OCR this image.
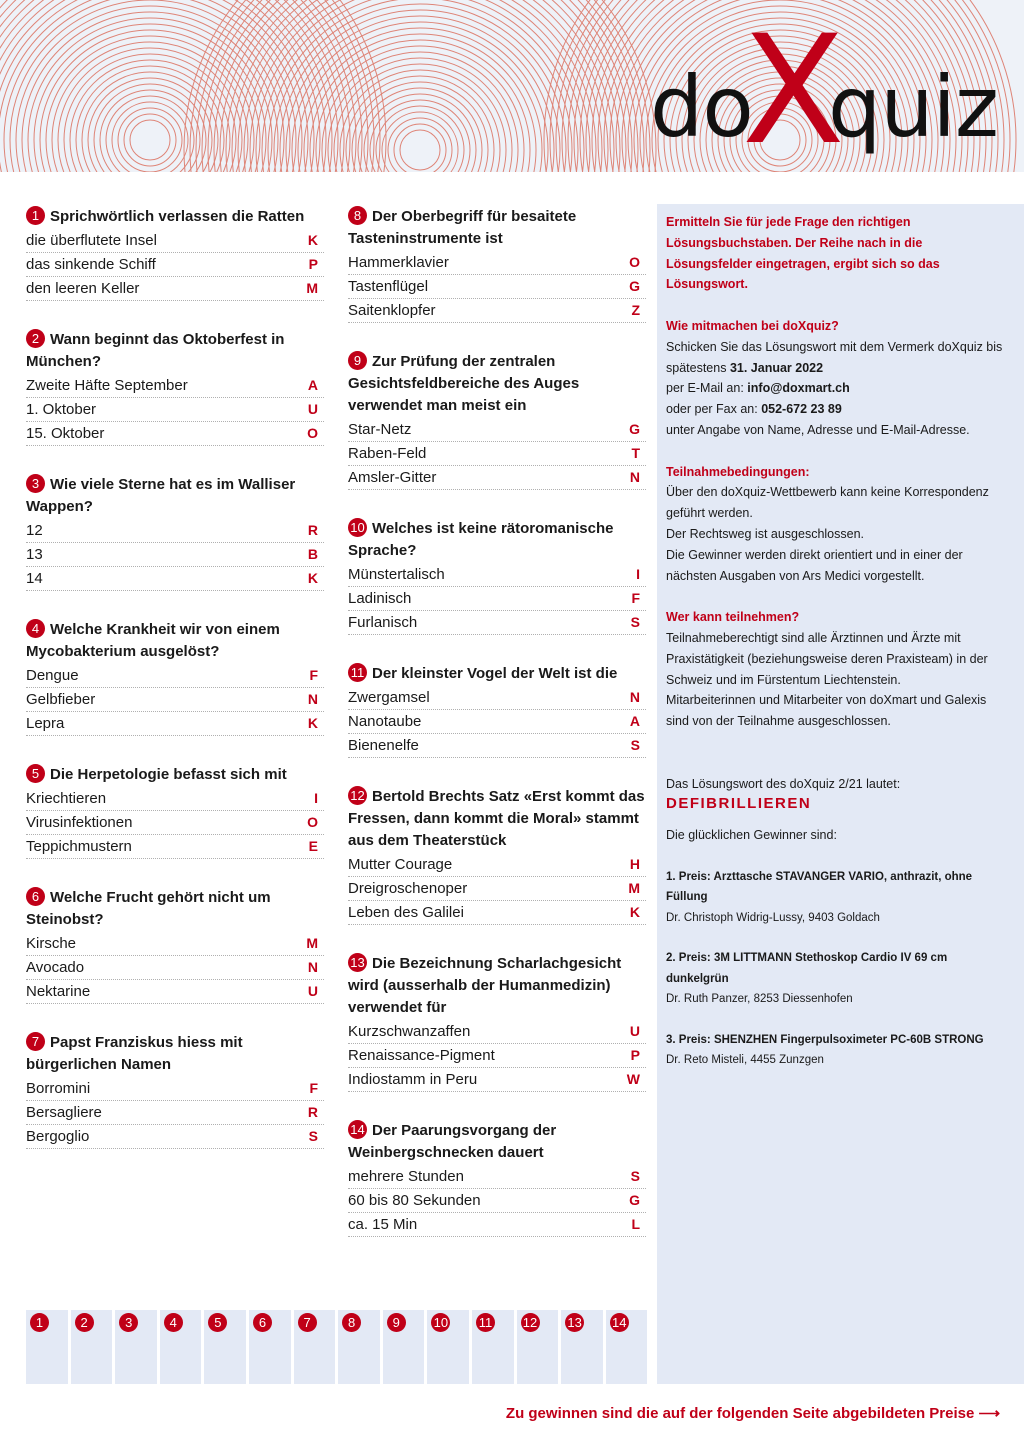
do
X
quiz
1 Sprichwörtlich verlassen die Ratten
die überflutete Insel	K
das sinkende Schiff	P
den leeren Keller	M
2 Wann beginnt das Oktoberfest in München?
Zweite Häfte September	A
1. Oktober	U
15. Oktober	O
3 Wie viele Sterne hat es im Walliser Wappen?
12	R
13	B
14	K
4 Welche Krankheit wir von einem Mycobakterium ausgelöst?
Dengue	F
Gelbfieber	N
Lepra	K
5 Die Herpetologie befasst sich mit
Kriechtieren	I
Virusinfektionen	O
Teppichmustern	E
6 Welche Frucht gehört nicht um Steinobst?
Kirsche	M
Avocado	N
Nektarine	U
7 Papst Franziskus hiess mit bürgerlichen Namen
Borromini	F
Bersagliere	R
Bergoglio	S
8 Der Oberbegriff für besaitete Tasteninstrumente ist
Hammerklavier	O
Tastenflügel	G
Saitenklopfer	Z
9 Zur Prüfung der zentralen Gesichtsfeldbereiche des Auges verwendet man meist ein
Star-Netz	G
Raben-Feld	T
Amsler-Gitter	N
10 Welches ist keine rätoromanische Sprache?
Münstertalisch	I
Ladinisch	F
Furlanisch	S
11 Der kleinster Vogel der Welt ist die
Zwergamsel	N
Nanotaube	A
Bienenelfe	S
12 Bertold Brechts Satz «Erst kommt das Fressen, dann kommt die Moral» stammt aus dem Theaterstück
Mutter Courage	H
Dreigroschenoper	M
Leben des Galilei	K
13 Die Bezeichnung Scharlachgesicht wird (ausserhalb der Humanmedizin) verwendet für
Kurzschwanzaffen	U
Renaissance-Pigment	P
Indiostamm in Peru	W
14 Der Paarungsvorgang der Weinbergschnecken dauert
mehrere Stunden	S
60 bis 80 Sekunden	G
ca. 15 Min	L
Ermitteln Sie für jede Frage den richtigen Lösungsbuchstaben. Der Reihe nach in die Lösungsfelder eingetragen, ergibt sich so das Lösungswort.
Wie mitmachen bei doXquiz?
Schicken Sie das Lösungswort mit dem Vermerk doXquiz bis spätestens 31. Januar 2022
per E-Mail an: info@doxmart.ch
oder per Fax an: 052-672 23 89
unter Angabe von Name, Adresse und E-Mail-Adresse.
Teilnahmebedingungen:
Über den doXquiz-Wettbewerb kann keine Korrespondenz geführt werden.
Der Rechtsweg ist ausgeschlossen.
Die Gewinner werden direkt orientiert und in einer der nächsten Ausgaben von Ars Medici vorgestellt.
Wer kann teilnehmen?
Teilnahmeberechtigt sind alle Ärztinnen und Ärzte mit Praxistätigkeit (beziehungsweise deren Praxisteam) in der Schweiz und im Fürstentum Liechtenstein.
Mitarbeiterinnen und Mitarbeiter von doXmart und Galexis sind von der Teilnahme ausgeschlossen.
Das Lösungswort des doXquiz 2/21 lautet:
DEFIBRILLIEREN
Die glücklichen Gewinner sind:
1. Preis: Arzttasche STAVANGER VARIO, anthrazit, ohne Füllung
Dr. Christoph Widrig-Lussy, 9403 Goldach
2. Preis: 3M LITTMANN Stethoskop Cardio IV 69 cm dunkelgrün
Dr. Ruth Panzer, 8253 Diessenhofen
3. Preis: SHENZHEN Fingerpulsoximeter PC-60B STRONG
Dr. Reto Misteli, 4455 Zunzgen
1	2	3	4	5	6	7	8	9	10 11 12 13 14
Zu gewinnen sind die auf der folgenden Seite abgebildeten Preise ⟶
